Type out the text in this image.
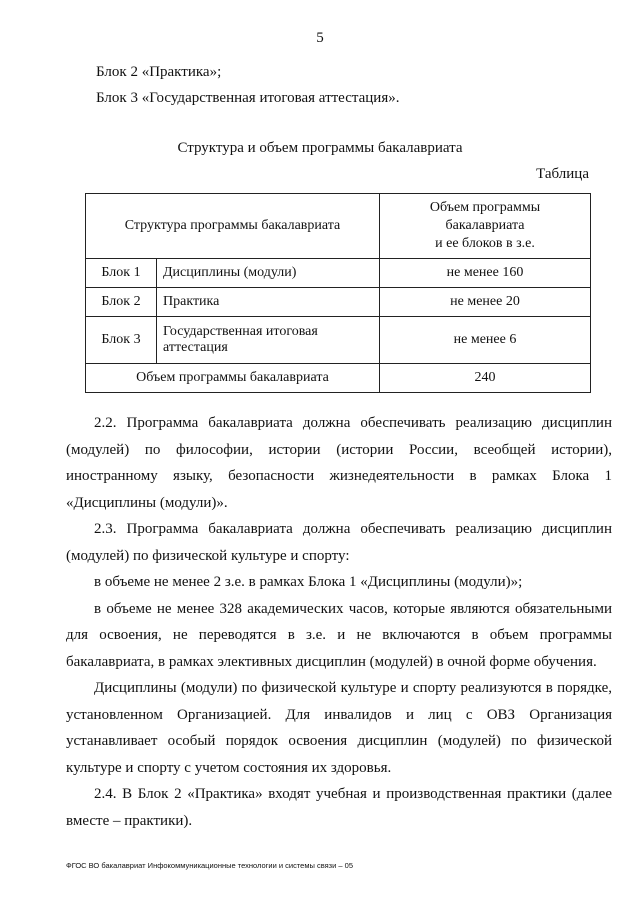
5
Блок 2 «Практика»;
Блок 3 «Государственная итоговая аттестация».
Структура и объем программы бакалавриата
Таблица
Структура программы бакалавриата		Объем программы
бакалавриата
и ее блоков в з.е.

Блок 1	Дисциплины (модули)	не менее 160
Блок 2	Практика	не менее 20
Блок 3	Государственная итоговая аттестация	не менее 6
Объем программы бакалавриата		240

2.2. Программа бакалавриата должна обеспечивать реализацию дисциплин (модулей) по философии, истории (истории России, всеобщей истории), иностранному языку, безопасности жизнедеятельности в рамках Блока 1 «Дисциплины (модули)».

2.3. Программа бакалавриата должна обеспечивать реализацию дисциплин (модулей) по физической культуре и спорту:

в объеме не менее 2 з.е. в рамках Блока 1 «Дисциплины (модули)»;

в объеме не менее 328 академических часов, которые являются обязательными для освоения, не переводятся в з.е. и не включаются в объем программы бакалавриата, в рамках элективных дисциплин (модулей) в очной форме обучения.

Дисциплины (модули) по физической культуре и спорту реализуются в порядке, установленном Организацией. Для инвалидов и лиц с ОВЗ Организация устанавливает особый порядок освоения дисциплин (модулей) по физической культуре и спорту с учетом состояния их здоровья.

2.4. В Блок 2 «Практика» входят учебная и производственная практики (далее вместе – практики).

ФГОС ВО бакалавриат Инфокоммуникационные технологии и системы связи – 05
